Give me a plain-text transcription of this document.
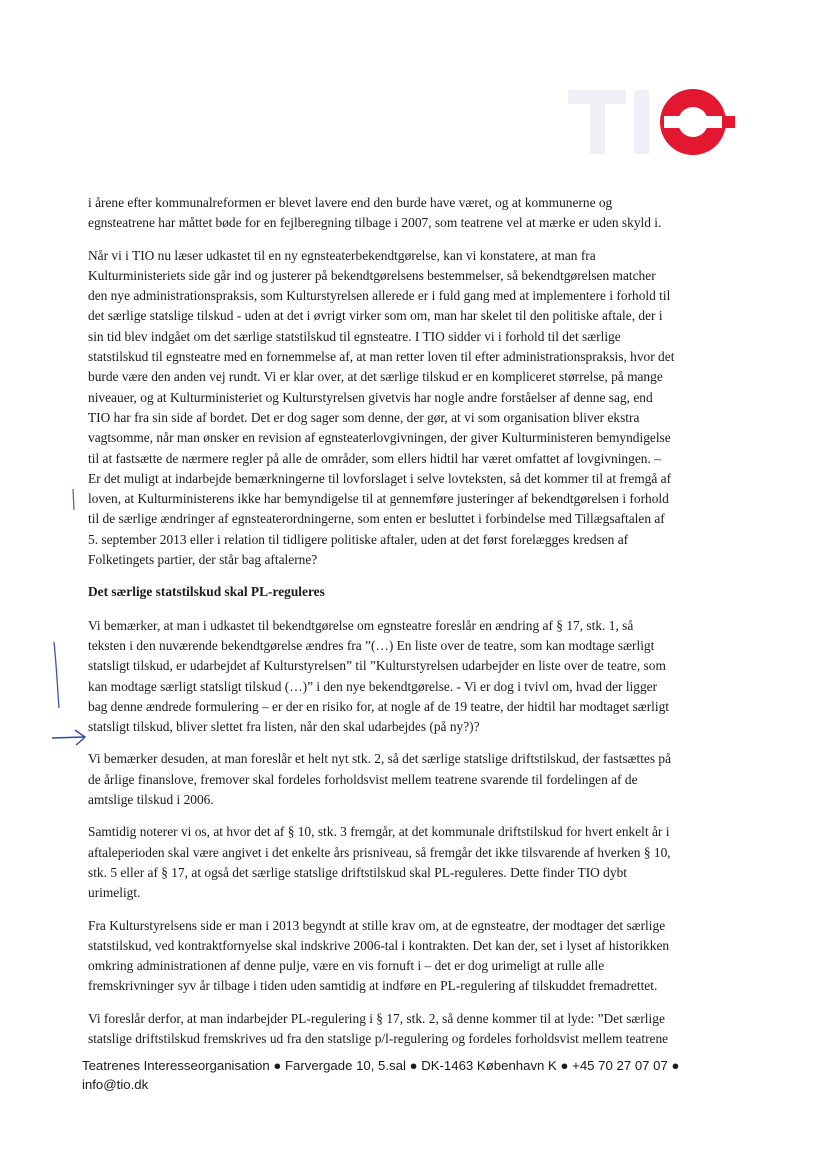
i årene efter kommunalreformen er blevet lavere end den burde have været, og at kommunerne og
egnsteatrene har måttet bøde for en fejlberegning tilbage i 2007, som teatrene vel at mærke er uden skyld i.

Når vi i TIO nu læser udkastet til en ny egnsteaterbekendtgørelse, kan vi konstatere, at man fra
Kulturministeriets side går ind og justerer på bekendtgørelsens bestemmelser, så bekendtgørelsen matcher
den nye administrationspraksis, som Kulturstyrelsen allerede er i fuld gang med at implementere i forhold til
det særlige statslige tilskud - uden at det i øvrigt virker som om, man har skelet til den politiske aftale, der i
sin tid blev indgået om det særlige statstilskud til egnsteatre. I TIO sidder vi i forhold til det særlige
statstilskud til egnsteatre med en fornemmelse af, at man retter loven til efter administrationspraksis, hvor det
burde være den anden vej rundt. Vi er klar over, at det særlige tilskud er en kompliceret størrelse, på mange
niveauer, og at Kulturministeriet og Kulturstyrelsen givetvis har nogle andre forståelser af denne sag, end
TIO har fra sin side af bordet. Det er dog sager som denne, der gør, at vi som organisation bliver ekstra
vagtsomme, når man ønsker en revision af egnsteaterlovgivningen, der giver Kulturministeren bemyndigelse
til at fastsætte de nærmere regler på alle de områder, som ellers hidtil har været omfattet af lovgivningen. –
Er det muligt at indarbejde bemærkningerne til lovforslaget i selve lovteksten, så det kommer til at fremgå af
loven, at Kulturministerens ikke har bemyndigelse til at gennemføre justeringer af bekendtgørelsen i forhold
til de særlige ændringer af egnsteaterordningerne, som enten er besluttet i forbindelse med Tillægsaftalen af
5. september 2013 eller i relation til tidligere politiske aftaler, uden at det først forelægges kredsen af
Folketingets partier, der står bag aftalerne?

Det særlige statstilskud skal PL-reguleres

Vi bemærker, at man i udkastet til bekendtgørelse om egnsteatre foreslår en ændring af § 17, stk. 1, så
teksten i den nuværende bekendtgørelse ændres fra ”(…) En liste over de teatre, som kan modtage særligt
statsligt tilskud, er udarbejdet af Kulturstyrelsen” til ”Kulturstyrelsen udarbejder en liste over de teatre, som
kan modtage særligt statsligt tilskud (…)” i den nye bekendtgørelse. - Vi er dog i tvivl om, hvad der ligger
bag denne ændrede formulering – er der en risiko for, at nogle af de 19 teatre, der hidtil har modtaget særligt
statsligt tilskud, bliver slettet fra listen, når den skal udarbejdes (på ny?)?

Vi bemærker desuden, at man foreslår et helt nyt stk. 2, så det særlige statslige driftstilskud, der fastsættes på
de årlige finanslove, fremover skal fordeles forholdsvist mellem teatrene svarende til fordelingen af de
amtslige tilskud i 2006.

Samtidig noterer vi os, at hvor det af § 10, stk. 3 fremgår, at det kommunale driftstilskud for hvert enkelt år i
aftaleperioden skal være angivet i det enkelte års prisniveau, så fremgår det ikke tilsvarende af hverken § 10,
stk. 5 eller af § 17, at også det særlige statslige driftstilskud skal PL-reguleres. Dette finder TIO dybt
urimeligt.

Fra Kulturstyrelsens side er man i 2013 begyndt at stille krav om, at de egnsteatre, der modtager det særlige
statstilskud, ved kontraktfornyelse skal indskrive 2006-tal i kontrakten. Det kan der, set i lyset af historikken
omkring administrationen af denne pulje, være en vis fornuft i – det er dog urimeligt at rulle alle
fremskrivninger syv år tilbage i tiden uden samtidig at indføre en PL-regulering af tilskuddet fremadrettet.

Vi foreslår derfor, at man indarbejder PL-regulering i § 17, stk. 2, så denne kommer til at lyde: ”Det særlige
statslige driftstilskud fremskrives ud fra den statslige p/l-regulering og fordeles forholdsvist mellem teatrene

Teatrenes Interesseorganisation ● Farvergade 10, 5.sal ● DK-1463 København K ● +45 70 27 07 07 ●
info@tio.dk
